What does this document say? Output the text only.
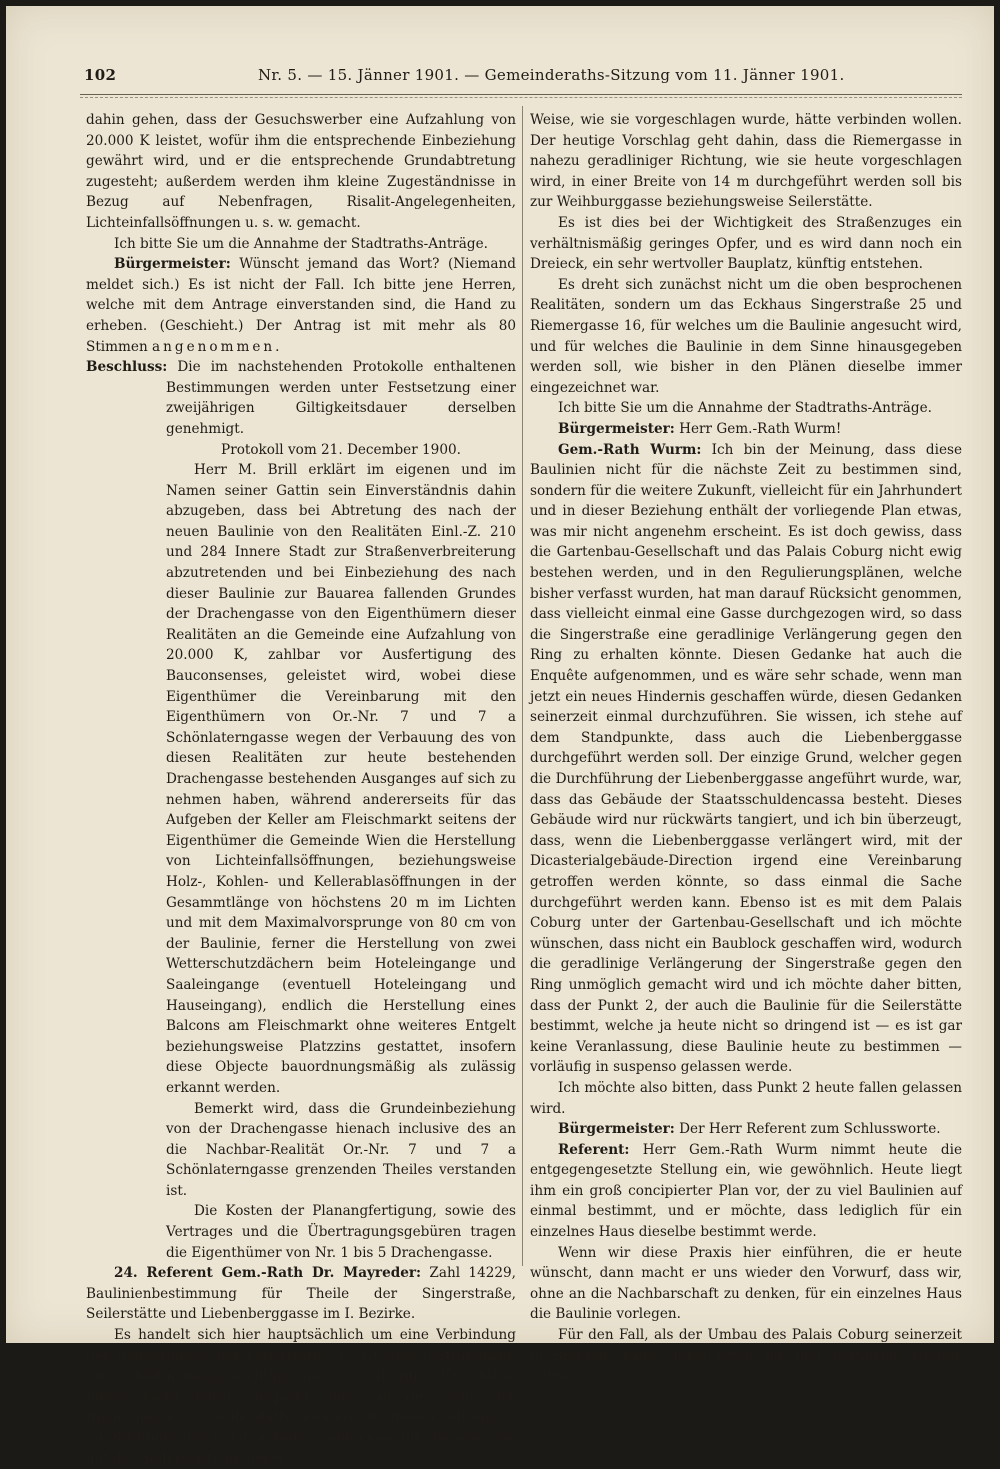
102	Nr. 5. — 15. Jänner 1901. — Gemeinderaths-Sitzung vom 11. Jänner 1901.

dahin gehen, dass der Gesuchswerber eine Aufzahlung von 20.000 K leistet, wofür ihm die entsprechende Einbeziehung gewährt wird, und er die entsprechende Grundabtretung zugesteht; außerdem werden ihm kleine Zugeständnisse in Bezug auf Nebenfragen, Risalit-Angelegenheiten, Lichteinfallsöffnungen u. s. w. gemacht.

Ich bitte Sie um die Annahme der Stadtraths-Anträge.

Bürgermeister: Wünscht jemand das Wort? (Niemand meldet sich.) Es ist nicht der Fall. Ich bitte jene Herren, welche mit dem Antrage einverstanden sind, die Hand zu erheben. (Geschieht.) Der Antrag ist mit mehr als 80 Stimmen angenommen.

Beschluss: Die im nachstehenden Protokolle enthaltenen Bestimmungen werden unter Festsetzung einer zweijährigen Giltigkeitsdauer derselben genehmigt.

Protokoll vom 21. December 1900.

Herr M. Brill erklärt im eigenen und im Namen seiner Gattin sein Einverständnis dahin abzugeben, dass bei Abtretung des nach der neuen Baulinie von den Realitäten Einl.-Z. 210 und 284 Innere Stadt zur Straßenverbreiterung abzutretenden und bei Einbeziehung des nach dieser Baulinie zur Bauarea fallenden Grundes der Drachengasse von den Eigenthümern dieser Realitäten an die Gemeinde eine Aufzahlung von 20.000 K, zahlbar vor Ausfertigung des Bauconsenses, geleistet wird, wobei diese Eigenthümer die Vereinbarung mit den Eigenthümern von Or.-Nr. 7 und 7 a Schönlaterngasse wegen der Verbauung des von diesen Realitäten zur heute bestehenden Drachengasse bestehenden Ausganges auf sich zu nehmen haben, während andererseits für das Aufgeben der Keller am Fleischmarkt seitens der Eigenthümer die Gemeinde Wien die Herstellung von Lichteinfallsöffnungen, beziehungsweise Holz-, Kohlen- und Kellerablasöffnungen in der Gesammtlänge von höchstens 20 m im Lichten und mit dem Maximalvorsprunge von 80 cm von der Baulinie, ferner die Herstellung von zwei Wetterschutzdächern beim Hoteleingange und Saaleingange (eventuell Hoteleingang und Hauseingang), endlich die Herstellung eines Balcons am Fleischmarkt ohne weiteres Entgelt beziehungsweise Platzzins gestattet, insofern diese Objecte bauordnungsmäßig als zulässig erkannt werden.

Bemerkt wird, dass die Grundeinbeziehung von der Drachengasse hienach inclusive des an die Nachbar-Realität Or.-Nr. 7 und 7 a Schönlaterngasse grenzenden Theiles verstanden ist.

Die Kosten der Planangfertigung, sowie des Vertrages und die Übertragungsgebüren tragen die Eigenthümer von Nr. 1 bis 5 Drachengasse.

24. Referent Gem.-Rath Dr. Mayreder: Zahl 14229, Baulinienbestimmung für Theile der Singerstraße, Seilerstätte und Liebenberggasse im I. Bezirke.

Es handelt sich hier hauptsächlich um eine Verbindung der Riemergasse und Seilerstätte. Es ist dieser Straßenzug ein verhältnismäßig wichtiger und die bisherigen Vorschläge haben meist daran gespießt, dass an der Ecke der Riemergasse und Seilerstätte mehrere Realitäten vollständig auf Straßengrund gefallen wären, wenn man die Riemergasse mit der Seilerstätte in dieser

Weise, wie sie vorgeschlagen wurde, hätte verbinden wollen. Der heutige Vorschlag geht dahin, dass die Riemergasse in nahezu geradliniger Richtung, wie sie heute vorgeschlagen wird, in einer Breite von 14 m durchgeführt werden soll bis zur Weihburggasse beziehungsweise Seilerstätte.

Es ist dies bei der Wichtigkeit des Straßenzuges ein verhältnismäßig geringes Opfer, und es wird dann noch ein Dreieck, ein sehr wertvoller Bauplatz, künftig entstehen.

Es dreht sich zunächst nicht um die oben besprochenen Realitäten, sondern um das Eckhaus Singerstraße 25 und Riemergasse 16, für welches um die Baulinie angesucht wird, und für welches die Baulinie in dem Sinne hinausgegeben werden soll, wie bisher in den Plänen dieselbe immer eingezeichnet war.

Ich bitte Sie um die Annahme der Stadtraths-Anträge.

Bürgermeister: Herr Gem.-Rath Wurm!

Gem.-Rath Wurm: Ich bin der Meinung, dass diese Baulinien nicht für die nächste Zeit zu bestimmen sind, sondern für die weitere Zukunft, vielleicht für ein Jahrhundert und in dieser Beziehung enthält der vorliegende Plan etwas, was mir nicht angenehm erscheint. Es ist doch gewiss, dass die Gartenbau-Gesellschaft und das Palais Coburg nicht ewig bestehen werden, und in den Regulierungsplänen, welche bisher verfasst wurden, hat man darauf Rücksicht genommen, dass vielleicht einmal eine Gasse durchgezogen wird, so dass die Singerstraße eine geradlinige Verlängerung gegen den Ring zu erhalten könnte. Diesen Gedanke hat auch die Enquête aufgenommen, und es wäre sehr schade, wenn man jetzt ein neues Hindernis geschaffen würde, diesen Gedanken seinerzeit einmal durchzuführen. Sie wissen, ich stehe auf dem Standpunkte, dass auch die Liebenberggasse durchgeführt werden soll. Der einzige Grund, welcher gegen die Durchführung der Liebenberggasse angeführt wurde, war, dass das Gebäude der Staatsschuldencassa besteht. Dieses Gebäude wird nur rückwärts tangiert, und ich bin überzeugt, dass, wenn die Liebenberggasse verlängert wird, mit der Dicasterialgebäude-Direction irgend eine Vereinbarung getroffen werden könnte, so dass einmal die Sache durchgeführt werden kann. Ebenso ist es mit dem Palais Coburg unter der Gartenbau-Gesellschaft und ich möchte wünschen, dass nicht ein Baublock geschaffen wird, wodurch die geradlinige Verlängerung der Singerstraße gegen den Ring unmöglich gemacht wird und ich möchte daher bitten, dass der Punkt 2, der auch die Baulinie für die Seilerstätte bestimmt, welche ja heute nicht so dringend ist — es ist gar keine Veranlassung, diese Baulinie heute zu bestimmen — vorläufig in suspenso gelassen werde.

Ich möchte also bitten, dass Punkt 2 heute fallen gelassen wird.

Bürgermeister: Der Herr Referent zum Schlussworte.

Referent: Herr Gem.-Rath Wurm nimmt heute die entgegengesetzte Stellung ein, wie gewöhnlich. Heute liegt ihm ein groß concipierter Plan vor, der zu viel Baulinien auf einmal bestimmt, und er möchte, dass lediglich für ein einzelnes Haus dieselbe bestimmt werde.

Wenn wir diese Praxis hier einführen, die er heute wünscht, dann macht er uns wieder den Vorwurf, dass wir, ohne an die Nachbarschaft zu denken, für ein einzelnes Haus die Baulinie vorlegen.

Für den Fall, als der Umbau des Palais Coburg seinerzeit in Betracht käme, noch bevor die hier berührten Häuser allen-
